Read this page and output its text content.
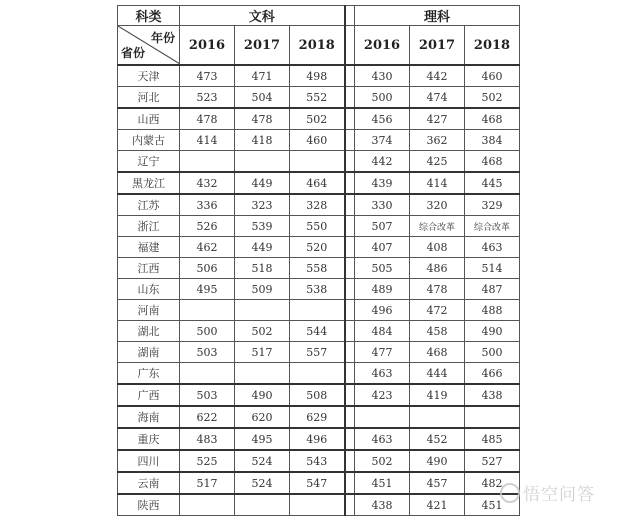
科类	文科				理科		

年份
省份	2016	2017	2018		2016	2017	2018
天津	473	471	498		430	442	460
河北	523	504	552		500	474	502
山西	478	478	502		456	427	468
内蒙古	414	418	460		374	362	384
辽宁					442	425	468
黑龙江	432	449	464		439	414	445
江苏	336	323	328		330	320	329
浙江	526	539	550		507	综合改革	综合改革
福建	462	449	520		407	408	463
江西	506	518	558		505	486	514
山东	495	509	538		489	478	487
河南					496	472	488
湖北	500	502	544		484	458	490
湖南	503	517	557		477	468	500
广东					463	444	466
广西	503	490	508		423	419	438
海南	622	620	629				
重庆	483	495	496		463	452	485
四川	525	524	543		502	490	527
云南	517	524	547		451	457	482
陕西					438	421	451	悟空问答
